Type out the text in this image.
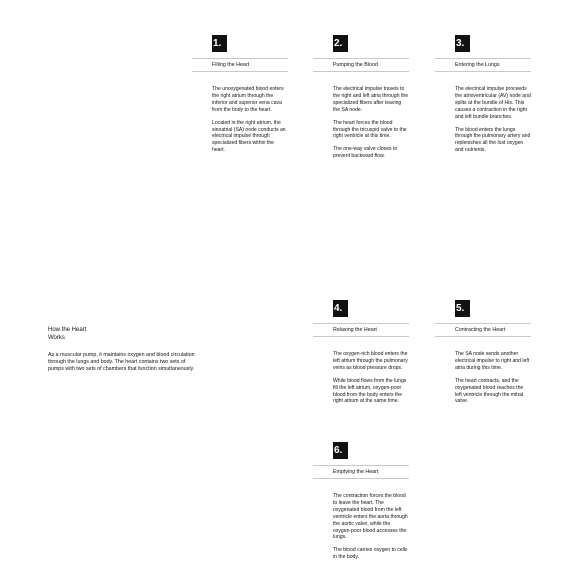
How the Heart
Works

As a muscular pump, it maintains oxygen and blood circulation through the lungs and body. The heart contains two sets of pumps with two sets of chambers that function simultaneously.

1.
Filling the Heart

The unoxygenated blood enters the right atrium through the inferior and superior vena cava from the body to the heart.

Located in the right atrium, the sinoatrial (SA) node conducts an electrical impulse through specialized fibers within the heart.

2.
Pumping the Blood

The electrical impulse travels to the right and left atria through the specialized fibers after leaving the SA node.

The heart forces the blood through the tricuspid valve to the right ventricle at this time.

The one-way valve closes to prevent backward flow.

3.
Entering the Lungs

The electrical impulse proceeds the atrioventricular (AV) node and splits at the bundle of His. This causes a contraction in the right and left bundle branches.

The blood enters the lungs through the pulmonary artery and replenishes all the lost oxygen and nutrients.

4.
Relaxing the Heart

The oxygen-rich blood enters the left atrium through the pulmonary veins as blood pressure drops.

While blood flows from the lungs fill the left atrium, oxygen-poor blood from the body enters the right atrium at the same time.

5.
Contracting the Heart

The SA node sends another electrical impulse to right and left atria during this time.

The heart contracts, and the oxygenated blood reaches the left ventricle through the mitral valve.

6.
Emptying the Heart

The contraction forces the blood to leave the heart. The oxygenated blood from the left ventricle enters the aorta through the aortic valve, while the oxygen-poor blood accesses the lungs.

The blood carries oxygen to cells in the body.
